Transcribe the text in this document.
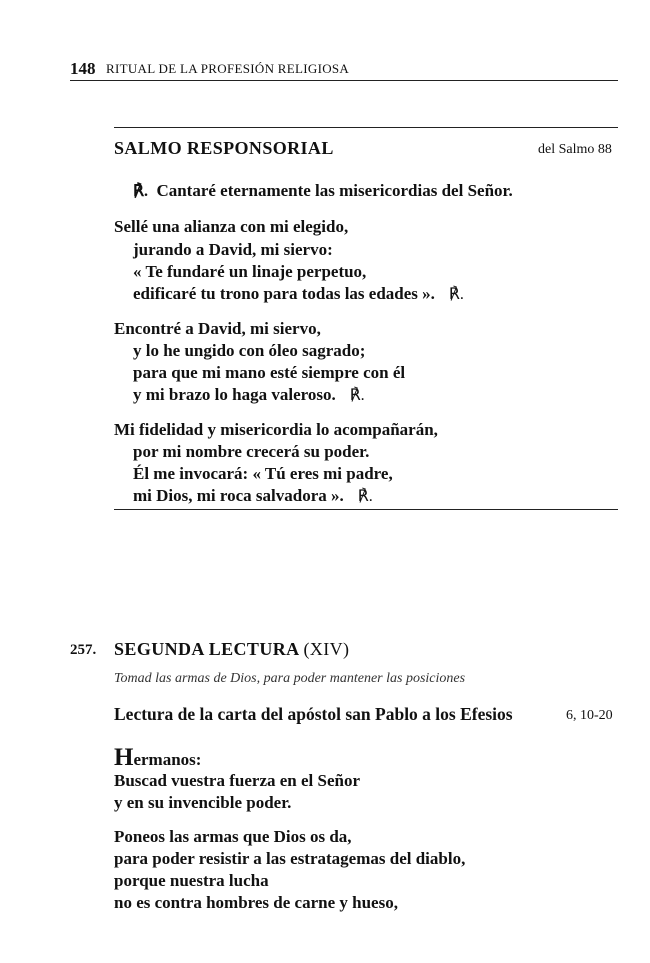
148 RITUAL DE LA PROFESIÓN RELIGIOSA
SALMO RESPONSORIAL	del Salmo 88
℟. Cantaré eternamente las misericordias del Señor.
Sellé una alianza con mi elegido,
jurando a David, mi siervo:
« Te fundaré un linaje perpetuo,
edificaré tu trono para todas las edades ». ℟.
Encontré a David, mi siervo,
y lo he ungido con óleo sagrado;
para que mi mano esté siempre con él
y mi brazo lo haga valeroso. ℟.
Mi fidelidad y misericordia lo acompañarán,
por mi nombre crecerá su poder.
Él me invocará: « Tú eres mi padre,
mi Dios, mi roca salvadora ». ℟.
257. SEGUNDA LECTURA (XIV)
Tomad las armas de Dios, para poder mantener las posiciones
Lectura de la carta del apóstol san Pablo a los Efesios	6, 10-20
Hermanos:
Buscad vuestra fuerza en el Señor
y en su invencible poder.
Poneos las armas que Dios os da,
para poder resistir a las estratagemas del diablo,
porque nuestra lucha
no es contra hombres de carne y hueso,
